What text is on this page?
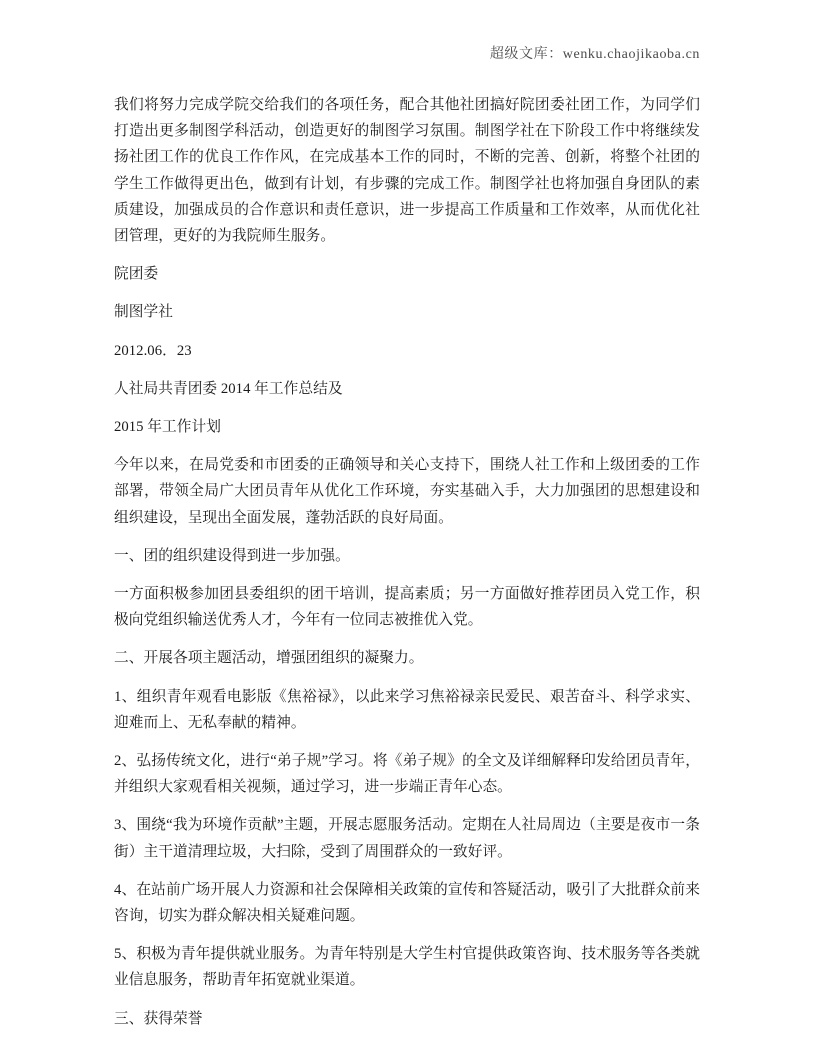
超级文库：wenku.chaojikaoba.cn

我们将努力完成学院交给我们的各项任务，配合其他社团搞好院团委社团工作，为同学们打造出更多制图学科活动，创造更好的制图学习氛围。制图学社在下阶段工作中将继续发扬社团工作的优良工作作风，在完成基本工作的同时，不断的完善、创新，将整个社团的学生工作做得更出色，做到有计划，有步骤的完成工作。制图学社也将加强自身团队的素质建设，加强成员的合作意识和责任意识，进一步提高工作质量和工作效率，从而优化社团管理，更好的为我院师生服务。

院团委

制图学社

2012.06．23

人社局共青团委 2014 年工作总结及

2015 年工作计划

今年以来，在局党委和市团委的正确领导和关心支持下，围绕人社工作和上级团委的工作部署，带领全局广大团员青年从优化工作环境，夯实基础入手，大力加强团的思想建设和组织建设，呈现出全面发展，蓬勃活跃的良好局面。

一、团的组织建设得到进一步加强。

一方面积极参加团县委组织的团干培训，提高素质；另一方面做好推荐团员入党工作，积极向党组织输送优秀人才，今年有一位同志被推优入党。

二、开展各项主题活动，增强团组织的凝聚力。

1、组织青年观看电影版《焦裕禄》，以此来学习焦裕禄亲民爱民、艰苦奋斗、科学求实、迎难而上、无私奉献的精神。

2、弘扬传统文化，进行“弟子规”学习。将《弟子规》的全文及详细解释印发给团员青年，并组织大家观看相关视频，通过学习，进一步端正青年心态。

3、围绕“我为环境作贡献”主题，开展志愿服务活动。定期在人社局周边（主要是夜市一条街）主干道清理垃圾，大扫除，受到了周围群众的一致好评。

4、在站前广场开展人力资源和社会保障相关政策的宣传和答疑活动，吸引了大批群众前来咨询，切实为群众解决相关疑难问题。

5、积极为青年提供就业服务。为青年特别是大学生村官提供政策咨询、技术服务等各类就业信息服务，帮助青年拓宽就业渠道。

三、获得荣誉
